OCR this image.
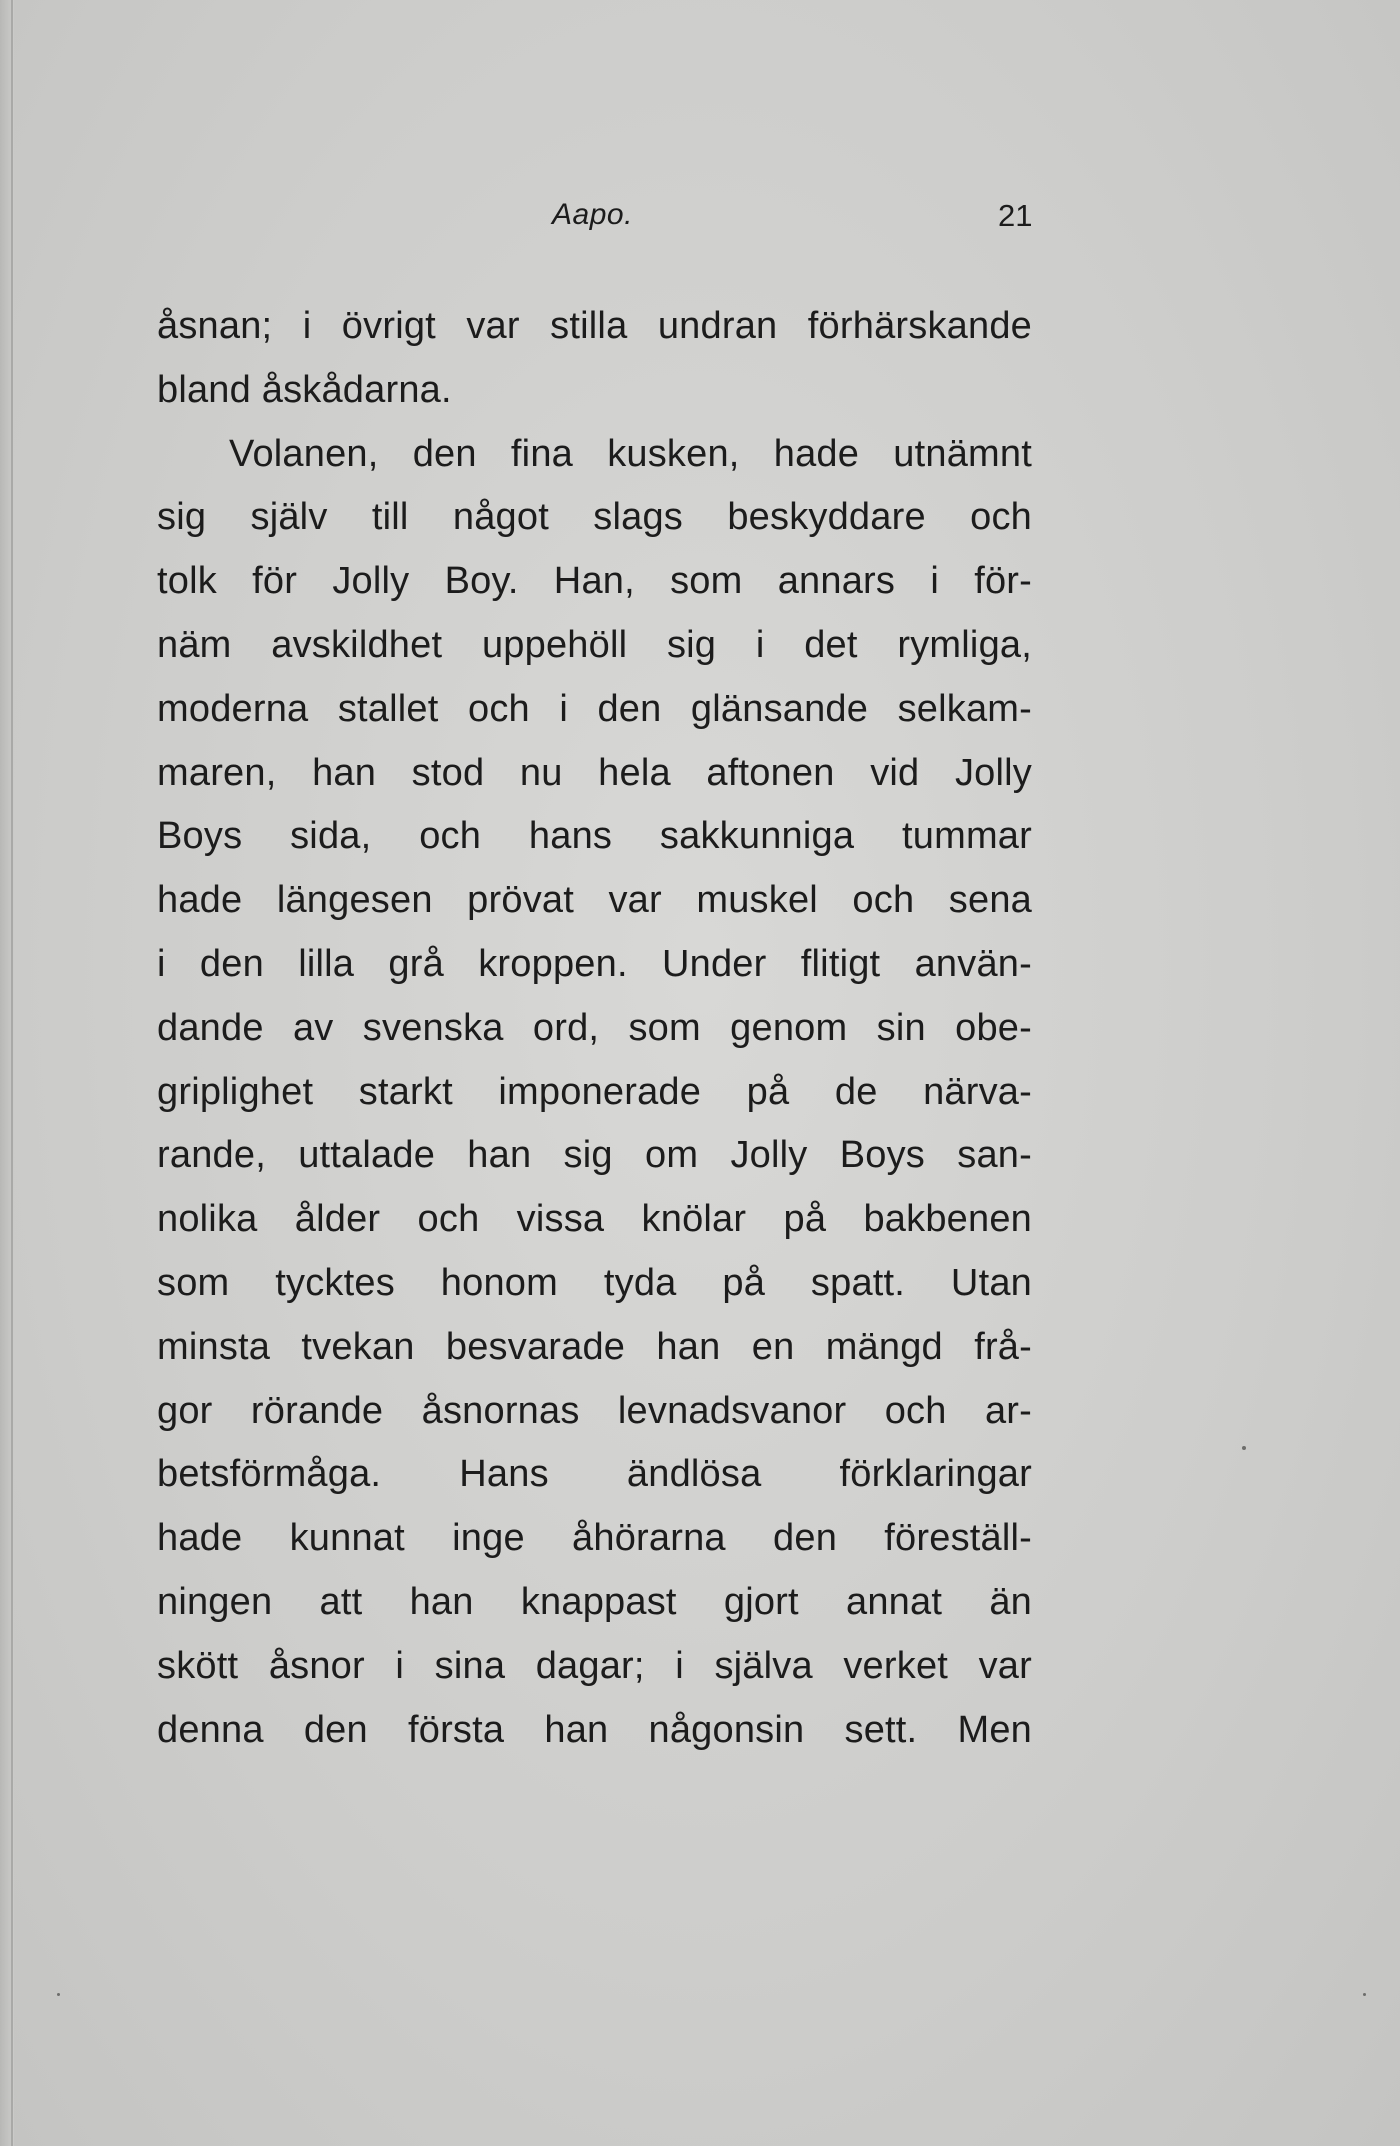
Aapo.	21
åsnan; i övrigt var stilla undran förhärskande
bland åskådarna.
Volanen, den fina kusken, hade utnämnt
sig själv till något slags beskyddare och
tolk för Jolly Boy. Han, som annars i för-
näm avskildhet uppehöll sig i det rymliga,
moderna stallet och i den glänsande selkam-
maren, han stod nu hela aftonen vid Jolly
Boys sida, och hans sakkunniga tummar
hade längesen prövat var muskel och sena
i den lilla grå kroppen. Under flitigt använ-
dande av svenska ord, som genom sin obe-
griplighet starkt imponerade på de närva-
rande, uttalade han sig om Jolly Boys san-
nolika ålder och vissa knölar på bakbenen
som tycktes honom tyda på spatt. Utan
minsta tvekan besvarade han en mängd frå-
gor rörande åsnornas levnadsvanor och ar-
betsförmåga. Hans ändlösa förklaringar
hade kunnat inge åhörarna den föreställ-
ningen att han knappast gjort annat än
skött åsnor i sina dagar; i själva verket var
denna den första han någonsin sett. Men
